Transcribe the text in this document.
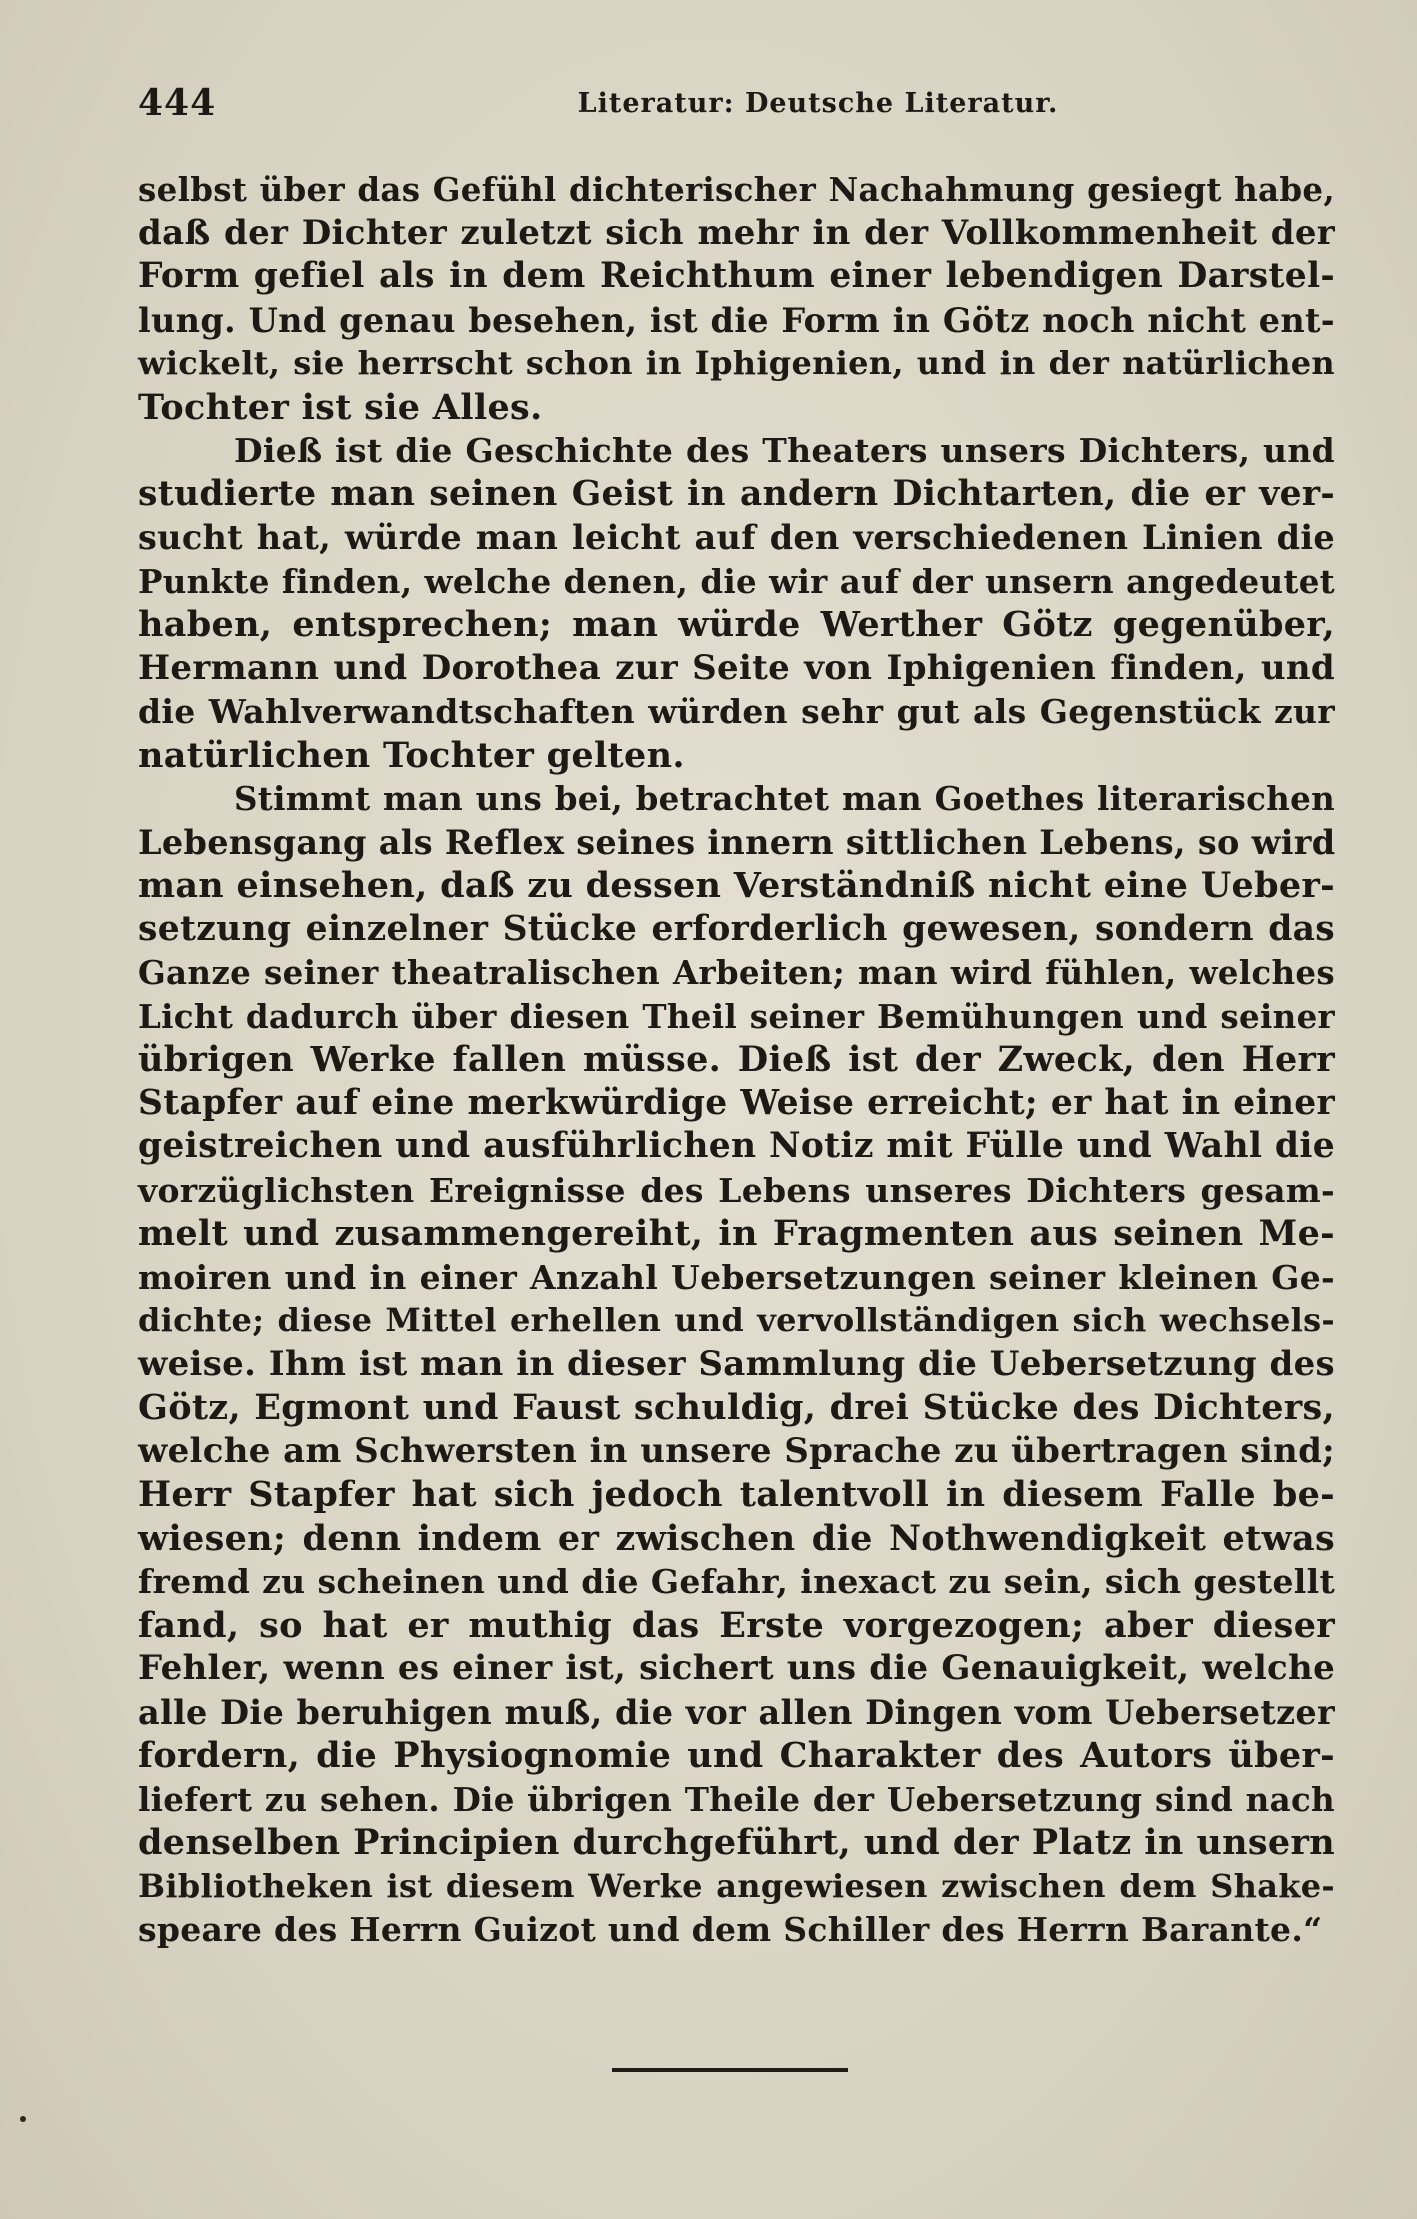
444	Literatur: Deutsche Literatur.
selbst über das Gefühl dichterischer Nachahmung gesiegt habe,
daß der Dichter zuletzt sich mehr in der Vollkommenheit der
Form gefiel als in dem Reichthum einer lebendigen Darstel-
lung. Und genau besehen, ist die Form in Götz noch nicht ent-
wickelt, sie herrscht schon in Iphigenien, und in der natürlichen
Tochter ist sie Alles.
Dieß ist die Geschichte des Theaters unsers Dichters, und
studierte man seinen Geist in andern Dichtarten, die er ver-
sucht hat, würde man leicht auf den verschiedenen Linien die
Punkte finden, welche denen, die wir auf der unsern angedeutet
haben, entsprechen; man würde Werther Götz gegenüber,
Hermann und Dorothea zur Seite von Iphigenien finden, und
die Wahlverwandtschaften würden sehr gut als Gegenstück zur
natürlichen Tochter gelten.
Stimmt man uns bei, betrachtet man Goethes literarischen
Lebensgang als Reflex seines innern sittlichen Lebens, so wird
man einsehen, daß zu dessen Verständniß nicht eine Ueber-
setzung einzelner Stücke erforderlich gewesen, sondern das
Ganze seiner theatralischen Arbeiten; man wird fühlen, welches
Licht dadurch über diesen Theil seiner Bemühungen und seiner
übrigen Werke fallen müsse. Dieß ist der Zweck, den Herr
Stapfer auf eine merkwürdige Weise erreicht; er hat in einer
geistreichen und ausführlichen Notiz mit Fülle und Wahl die
vorzüglichsten Ereignisse des Lebens unseres Dichters gesam-
melt und zusammengereiht, in Fragmenten aus seinen Me-
moiren und in einer Anzahl Uebersetzungen seiner kleinen Ge-
dichte; diese Mittel erhellen und vervollständigen sich wechsels-
weise. Ihm ist man in dieser Sammlung die Uebersetzung des
Götz, Egmont und Faust schuldig, drei Stücke des Dichters,
welche am Schwersten in unsere Sprache zu übertragen sind;
Herr Stapfer hat sich jedoch talentvoll in diesem Falle be-
wiesen; denn indem er zwischen die Nothwendigkeit etwas
fremd zu scheinen und die Gefahr, inexact zu sein, sich gestellt
fand, so hat er muthig das Erste vorgezogen; aber dieser
Fehler, wenn es einer ist, sichert uns die Genauigkeit, welche
alle Die beruhigen muß, die vor allen Dingen vom Uebersetzer
fordern, die Physiognomie und Charakter des Autors über-
liefert zu sehen. Die übrigen Theile der Uebersetzung sind nach
denselben Principien durchgeführt, und der Platz in unsern
Bibliotheken ist diesem Werke angewiesen zwischen dem Shake-
speare des Herrn Guizot und dem Schiller des Herrn Barante.“
